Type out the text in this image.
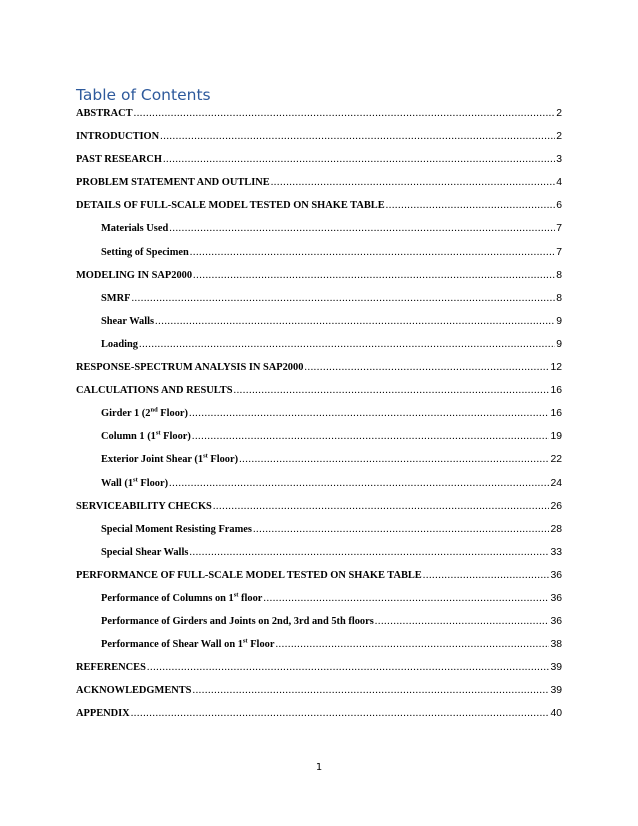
Table of Contents
ABSTRACT .....	2
INTRODUCTION .....	2
PAST RESEARCH .....	3
PROBLEM STATEMENT AND OUTLINE .....	4
DETAILS OF FULL-SCALE MODEL TESTED ON SHAKE TABLE .....	6
Materials Used .....	7
Setting of Specimen .....	7
MODELING IN SAP2000 .....	8
SMRF .....	8
Shear Walls .....	9
Loading .....	9
RESPONSE-SPECTRUM ANALYSIS IN SAP2000 .....	12
CALCULATIONS AND RESULTS .....	16
Girder 1 (2nd Floor) .....	16
Column 1 (1st Floor) .....	19
Exterior Joint Shear (1st Floor) .....	22
Wall (1st Floor) .....	24
SERVICEABILITY CHECKS .....	26
Special Moment Resisting Frames .....	28
Special Shear Walls .....	33
PERFORMANCE OF FULL-SCALE MODEL TESTED ON SHAKE TABLE .....	36
Performance of Columns on 1st floor .....	36
Performance of Girders and Joints on 2nd, 3rd and 5th floors .....	36
Performance of Shear Wall on 1st Floor .....	38
REFERENCES .....	39
ACKNOWLEDGMENTS .....	39
APPENDIX .....	40
1
